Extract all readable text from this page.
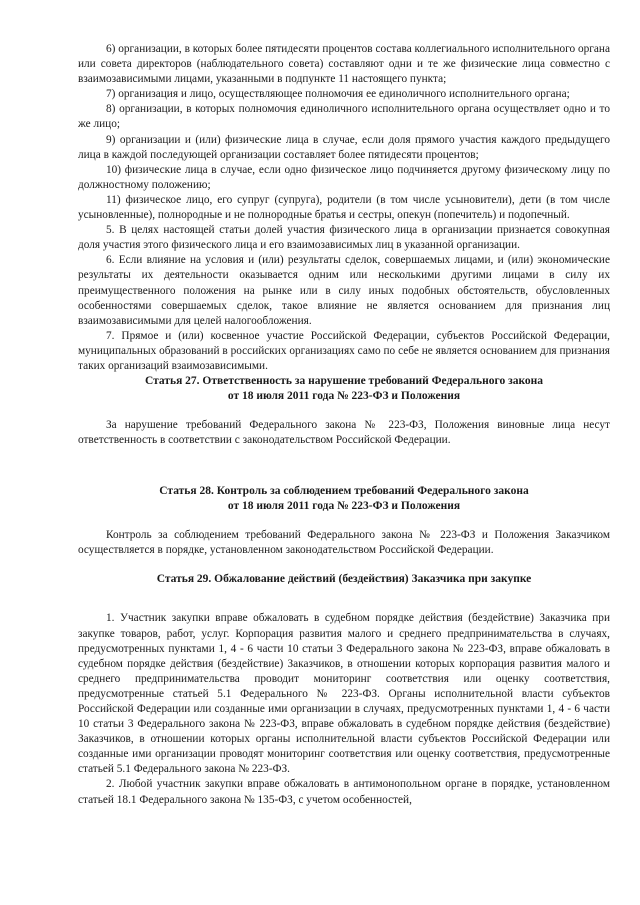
6) организации, в которых более пятидесяти процентов состава коллегиального исполнительного органа или совета директоров (наблюдательного совета) составляют одни и те же физические лица совместно с взаимозависимыми лицами, указанными в подпункте 11 настоящего пункта;

7) организация и лицо, осуществляющее полномочия ее единоличного исполнительного органа;

8) организации, в которых полномочия единоличного исполнительного органа осуществляет одно и то же лицо;

9) организации и (или) физические лица в случае, если доля прямого участия каждого предыдущего лица в каждой последующей организации составляет более пятидесяти процентов;

10) физические лица в случае, если одно физическое лицо подчиняется другому физическому лицу по должностному положению;

11) физическое лицо, его супруг (супруга), родители (в том числе усыновители), дети (в том числе усыновленные), полнородные и не полнородные братья и сестры, опекун (попечитель) и подопечный.

5. В целях настоящей статьи долей участия физического лица в организации признается совокупная доля участия этого физического лица и его взаимозависимых лиц в указанной организации.

6. Если влияние на условия и (или) результаты сделок, совершаемых лицами, и (или) экономические результаты их деятельности оказывается одним или несколькими другими лицами в силу их преимущественного положения на рынке или в силу иных подобных обстоятельств, обусловленных особенностями совершаемых сделок, такое влияние не является основанием для признания лиц взаимозависимыми для целей налогообложения.

7. Прямое и (или) косвенное участие Российской Федерации, субъектов Российской Федерации, муниципальных образований в российских организациях само по себе не является основанием для признания таких организаций взаимозависимыми.

Статья 27. Ответственность за нарушение требований Федерального закона
от 18 июля 2011 года № 223-ФЗ и Положения

За нарушение требований Федерального закона № 223-ФЗ, Положения виновные лица несут ответственность в соответствии с законодательством Российской Федерации.

Статья 28. Контроль за соблюдением требований Федерального закона
от 18 июля 2011 года № 223-ФЗ и Положения

Контроль за соблюдением требований Федерального закона № 223-ФЗ и Положения Заказчиком осуществляется в порядке, установленном законодательством Российской Федерации.

Статья 29. Обжалование действий (бездействия) Заказчика при закупке

1. Участник закупки вправе обжаловать в судебном порядке действия (бездействие) Заказчика при закупке товаров, работ, услуг. Корпорация развития малого и среднего предпринимательства в случаях, предусмотренных пунктами 1, 4 - 6 части 10 статьи 3 Федерального закона № 223-ФЗ, вправе обжаловать в судебном порядке действия (бездействие) Заказчиков, в отношении которых корпорация развития малого и среднего предпринимательства проводит мониторинг соответствия или оценку соответствия, предусмотренные статьей 5.1 Федерального № 223-ФЗ. Органы исполнительной власти субъектов Российской Федерации или созданные ими организации в случаях, предусмотренных пунктами 1, 4 - 6 части 10 статьи 3 Федерального закона № 223-ФЗ, вправе обжаловать в судебном порядке действия (бездействие) Заказчиков, в отношении которых органы исполнительной власти субъектов Российской Федерации или созданные ими организации проводят мониторинг соответствия или оценку соответствия, предусмотренные статьей 5.1 Федерального закона № 223-ФЗ.

2. Любой участник закупки вправе обжаловать в антимонопольном органе в порядке, установленном статьей 18.1 Федерального закона № 135-ФЗ, с учетом особенностей,
